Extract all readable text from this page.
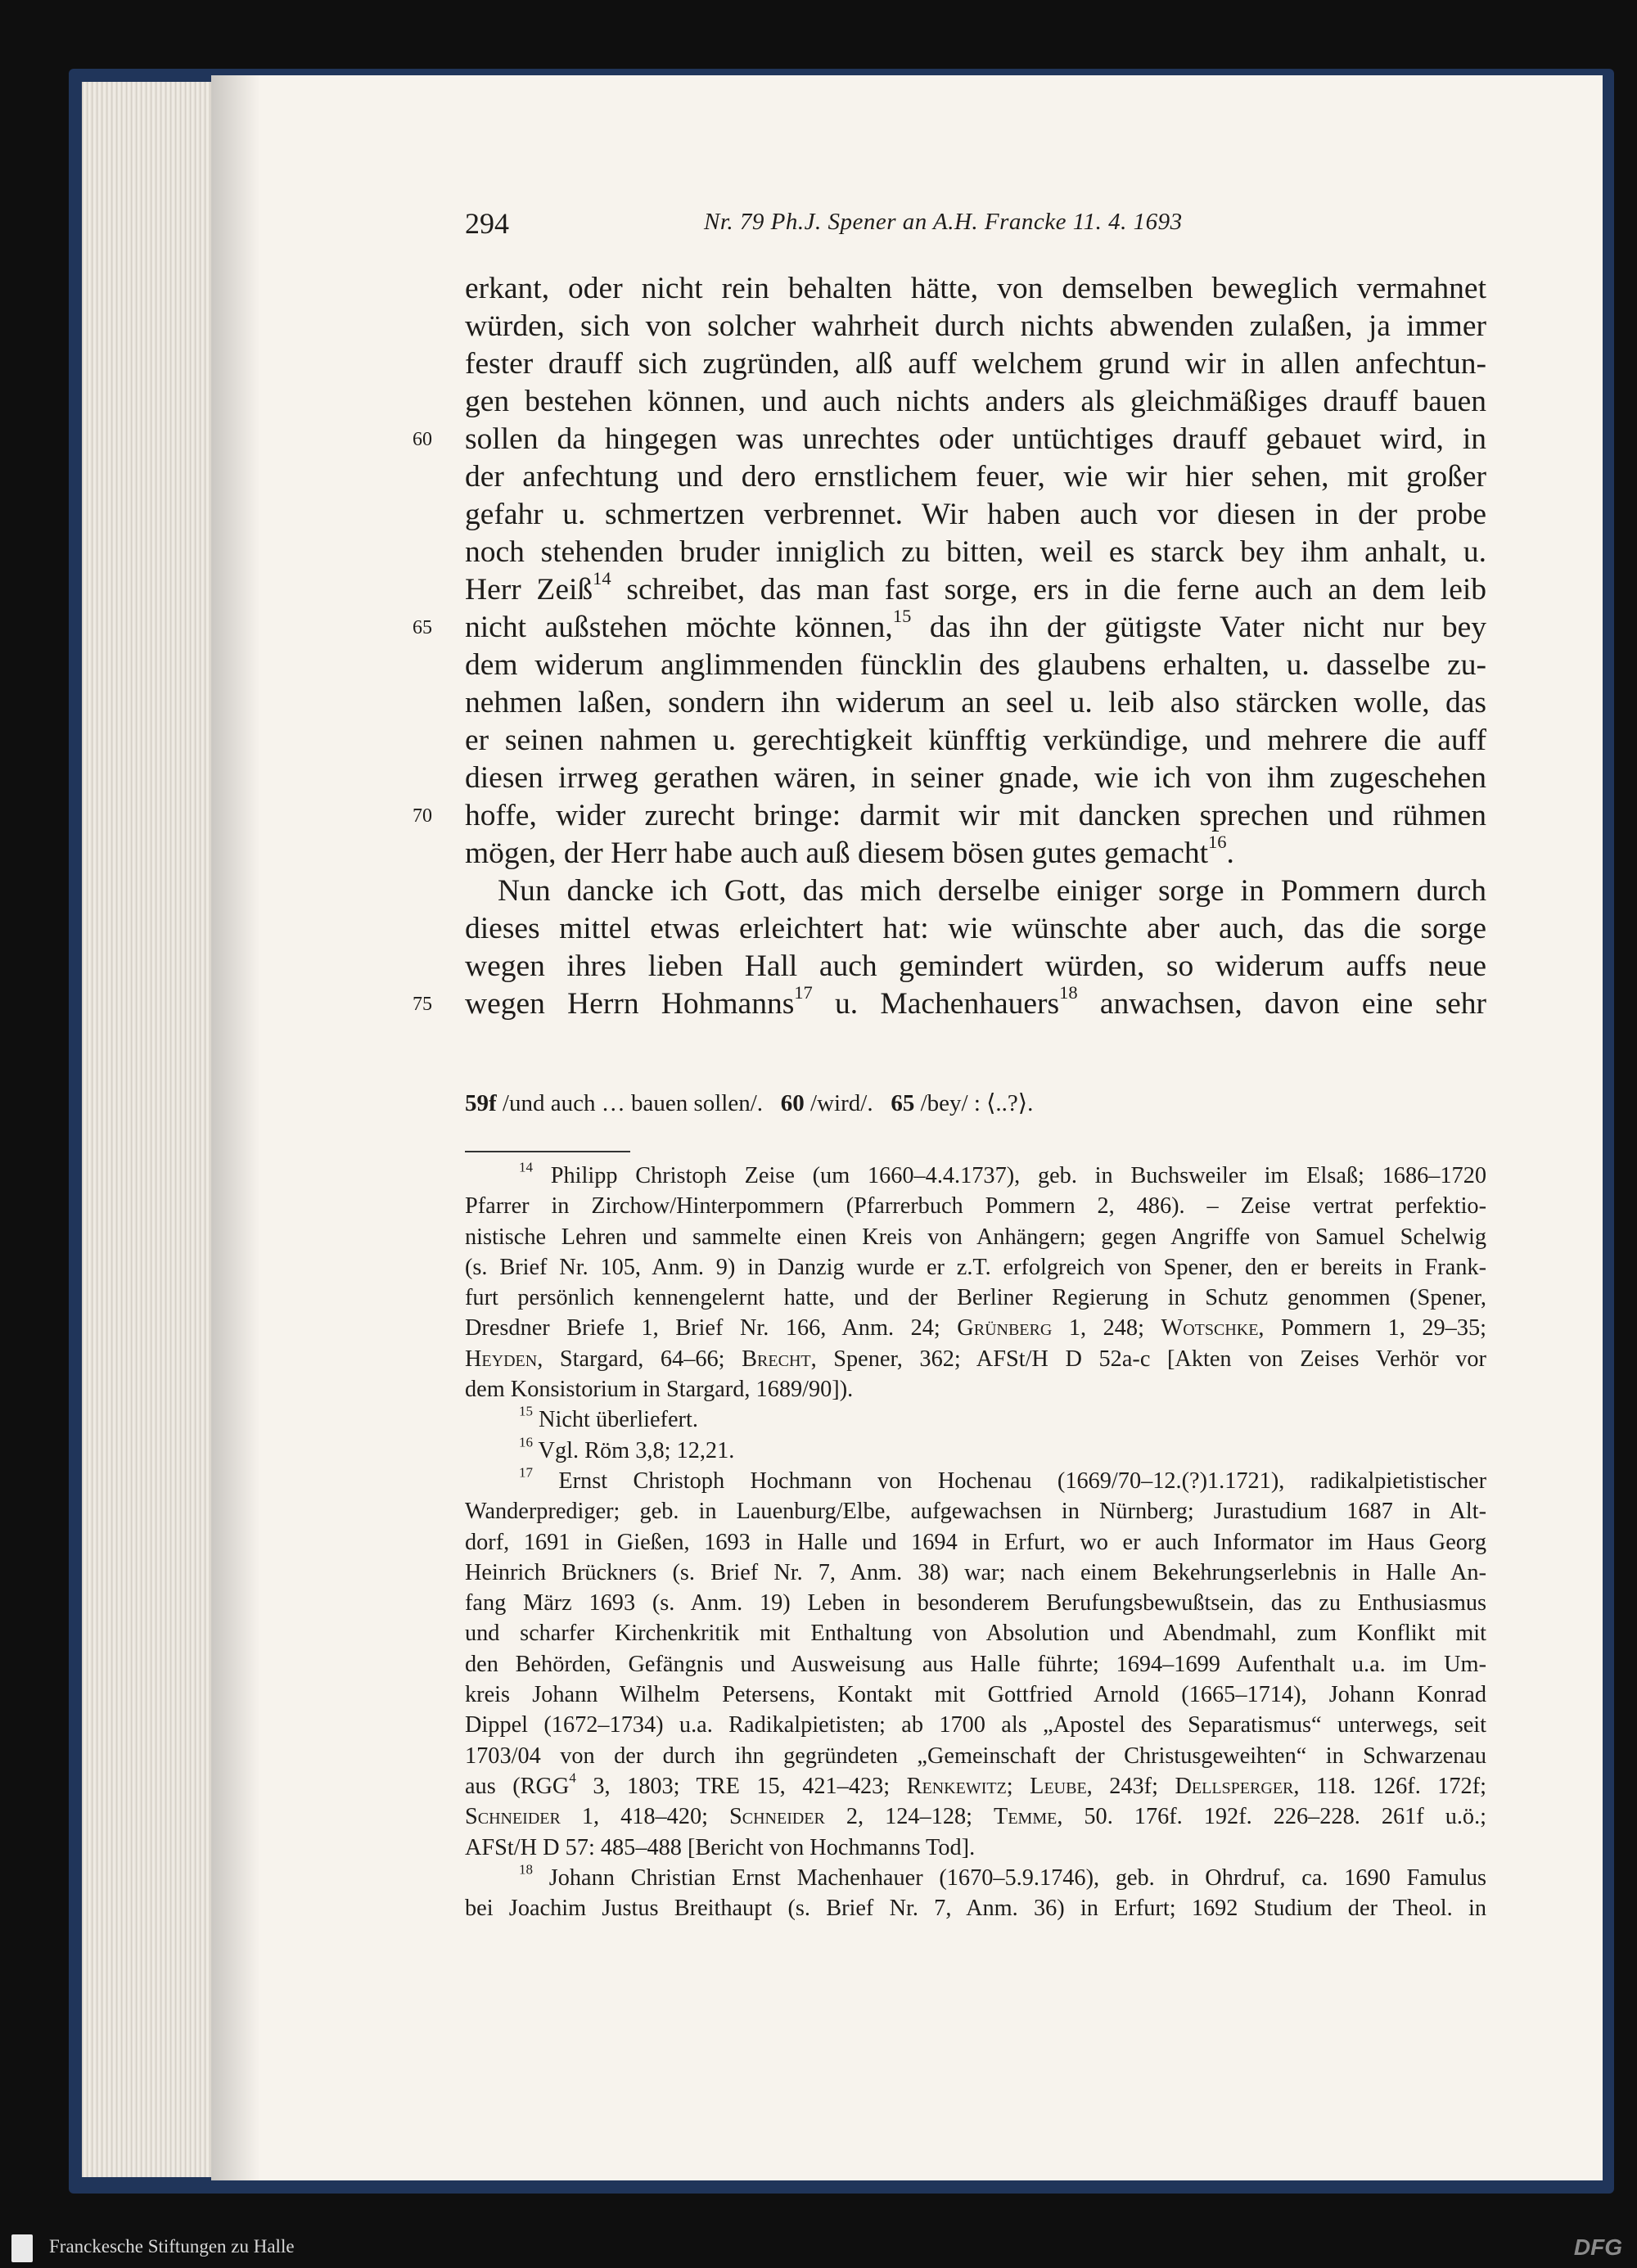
294	Nr. 79 Ph.J. Spener an A.H. Francke 11. 4. 1693
erkant, oder nicht rein behalten hätte, von demselben beweglich vermahnet
würden, sich von solcher wahrheit durch nichts abwenden zulaßen, ja immer
fester drauff sich zugründen, alß auff welchem grund wir in allen anfechtun-
gen bestehen können, und auch nichts anders als gleichmäßiges drauff bauen
60	sollen da hingegen was unrechtes oder untüchtiges drauff gebauet wird, in
der anfechtung und dero ernstlichem feuer, wie wir hier sehen, mit großer
gefahr u. schmertzen verbrennet. Wir haben auch vor diesen in der probe
noch stehenden bruder inniglich zu bitten, weil es starck bey ihm anhalt, u.
Herr Zeiß$^{14}$ schreibet, das man fast sorge, ers in die ferne auch an dem leib
65	nicht außstehen möchte können,$^{15}$ das ihn der gütigste Vater nicht nur bey
dem widerum anglimmenden füncklin des glaubens erhalten, u. dasselbe zu-
nehmen laßen, sondern ihn widerum an seel u. leib also stärcken wolle, das
er seinen nahmen u. gerechtigkeit künfftig verkündige, und mehrere die auff
diesen irrweg gerathen wären, in seiner gnade, wie ich von ihm zugeschehen
70	hoffe, wider zurecht bringe: darmit wir mit dancken sprechen und rühmen
mögen, der Herr habe auch auß diesem bösen gutes gemacht$^{16}$.
Nun dancke ich Gott, das mich derselbe einiger sorge in Pommern durch
dieses mittel etwas erleichtert hat: wie wünschte aber auch, das die sorge
wegen ihres lieben Hall auch gemindert würden, so widerum auffs neue
75	wegen Herrn Hohmanns$^{17}$ u. Machenhauers$^{18}$ anwachsen, davon eine sehr
59f /und auch … bauen sollen/. 60 /wird/. 65 /bey/ : ⟨..?⟩.
$^{14}$ Philipp Christoph Zeise (um 1660–4.4.1737), geb. in Buchsweiler im Elsaß; 1686–1720
Pfarrer in Zirchow/Hinterpommern (Pfarrerbuch Pommern 2, 486). – Zeise vertrat perfektio-
nistische Lehren und sammelte einen Kreis von Anhängern; gegen Angriffe von Samuel Schelwig
(s. Brief Nr. 105, Anm. 9) in Danzig wurde er z.T. erfolgreich von Spener, den er bereits in Frank-
furt persönlich kennengelernt hatte, und der Berliner Regierung in Schutz genommen (Spener,
Dresdner Briefe 1, Brief Nr. 166, Anm. 24; Grünberg 1, 248; Wotschke, Pommern 1, 29–35;
Heyden, Stargard, 64–66; Brecht, Spener, 362; AFSt/H D 52a-c [Akten von Zeises Verhör vor
dem Konsistorium in Stargard, 1689/90]).
$^{15}$ Nicht überliefert.
$^{16}$ Vgl. Röm 3,8; 12,21.
$^{17}$ Ernst Christoph Hochmann von Hochenau (1669/70–12.(?)1.1721), radikalpietistischer
Wanderprediger; geb. in Lauenburg/Elbe, aufgewachsen in Nürnberg; Jurastudium 1687 in Alt-
dorf, 1691 in Gießen, 1693 in Halle und 1694 in Erfurt, wo er auch Informator im Haus Georg
Heinrich Brückners (s. Brief Nr. 7, Anm. 38) war; nach einem Bekehrungserlebnis in Halle An-
fang März 1693 (s. Anm. 19) Leben in besonderem Berufungsbewußtsein, das zu Enthusiasmus
und scharfer Kirchenkritik mit Enthaltung von Absolution und Abendmahl, zum Konflikt mit
den Behörden, Gefängnis und Ausweisung aus Halle führte; 1694–1699 Aufenthalt u.a. im Um-
kreis Johann Wilhelm Petersens, Kontakt mit Gottfried Arnold (1665–1714), Johann Konrad
Dippel (1672–1734) u.a. Radikalpietisten; ab 1700 als „Apostel des Separatismus“ unterwegs, seit
1703/04 von der durch ihn gegründeten „Gemeinschaft der Christusgeweihten“ in Schwarzenau
aus (RGG$^4$ 3, 1803; TRE 15, 421–423; Renkewitz; Leube, 243f; Dellsperger, 118. 126f. 172f;
Schneider 1, 418–420; Schneider 2, 124–128; Temme, 50. 176f. 192f. 226–228. 261f u.ö.;
AFSt/H D 57: 485–488 [Bericht von Hochmanns Tod].
$^{18}$ Johann Christian Ernst Machenhauer (1670–5.9.1746), geb. in Ohrdruf, ca. 1690 Famulus
bei Joachim Justus Breithaupt (s. Brief Nr. 7, Anm. 36) in Erfurt; 1692 Studium der Theol. in
Franckesche Stiftungen zu Halle	DFG
